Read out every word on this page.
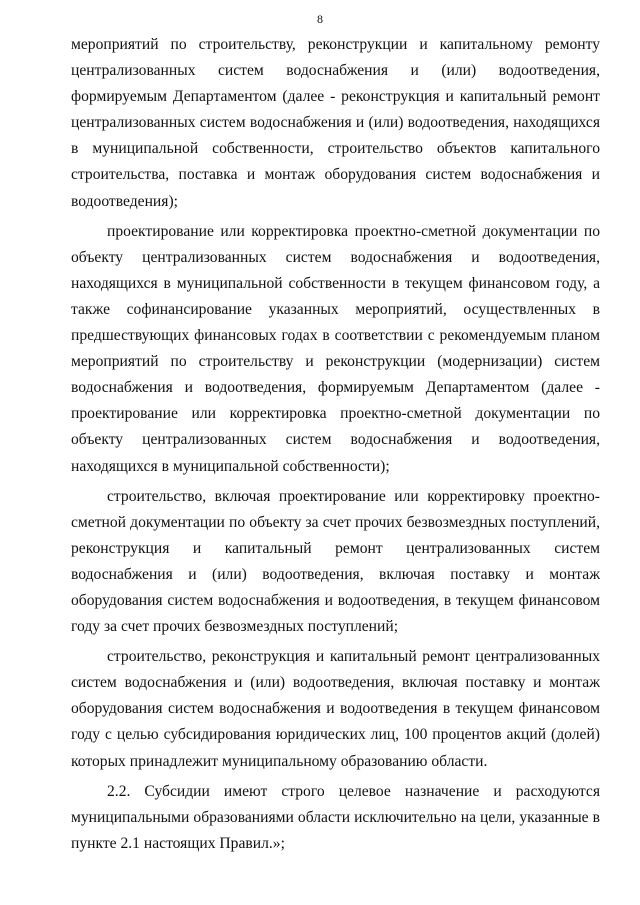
8

мероприятий по строительству, реконструкции и капитальному ремонту централизованных систем водоснабжения и (или) водоотведения, формируемым Департаментом (далее - реконструкция и капитальный ремонт централизованных систем водоснабжения и (или) водоотведения, находящихся в муниципальной собственности, строительство объектов капитального строительства, поставка и монтаж оборудования систем водоснабжения и водоотведения);

проектирование или корректировка проектно-сметной документации по объекту централизованных систем водоснабжения и водоотведения, находящихся в муниципальной собственности в текущем финансовом году, а также софинансирование указанных мероприятий, осуществленных в предшествующих финансовых годах в соответствии с рекомендуемым планом мероприятий по строительству и реконструкции (модернизации) систем водоснабжения и водоотведения, формируемым Департаментом (далее - проектирование или корректировка проектно-сметной документации по объекту централизованных систем водоснабжения и водоотведения, находящихся в муниципальной собственности);

строительство, включая проектирование или корректировку проектно-сметной документации по объекту за счет прочих безвозмездных поступлений, реконструкция и капитальный ремонт централизованных систем водоснабжения и (или) водоотведения, включая поставку и монтаж оборудования систем водоснабжения и водоотведения, в текущем финансовом году за счет прочих безвозмездных поступлений;

строительство, реконструкция и капитальный ремонт централизованных систем водоснабжения и (или) водоотведения, включая поставку и монтаж оборудования систем водоснабжения и водоотведения в текущем финансовом году с целью субсидирования юридических лиц, 100 процентов акций (долей) которых принадлежит муниципальному образованию области.

2.2. Субсидии имеют строго целевое назначение и расходуются муниципальными образованиями области исключительно на цели, указанные в пункте 2.1 настоящих Правил.»;
